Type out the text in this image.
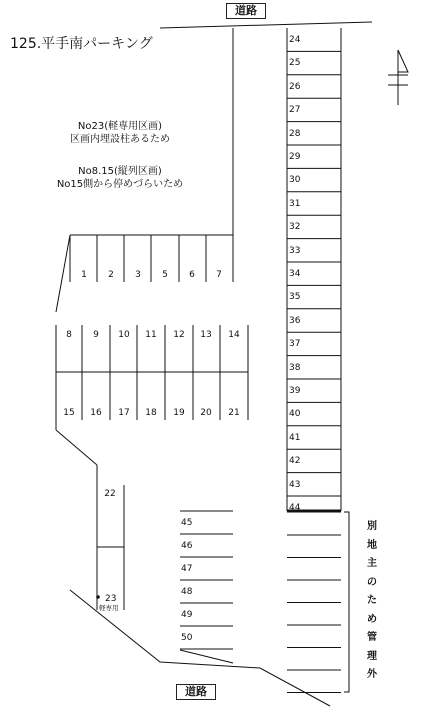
125.平手南パーキング
No23(軽専用区画)
区画内埋設柱あるため
No8.15(縦列区画)
No15側から停めづらいため
道路
道路
1 2 3 5 6 7
8 9 10 11 12 13 14
15 16 17 18 19 20 21
22
23
軽専用
24
25
26
27
28
29
30
31
32
33
34
35
36
37
38
39
40
41
42
43
44
45
46
47
48
49
50
別
地
主
の
た
め
管
理
外
